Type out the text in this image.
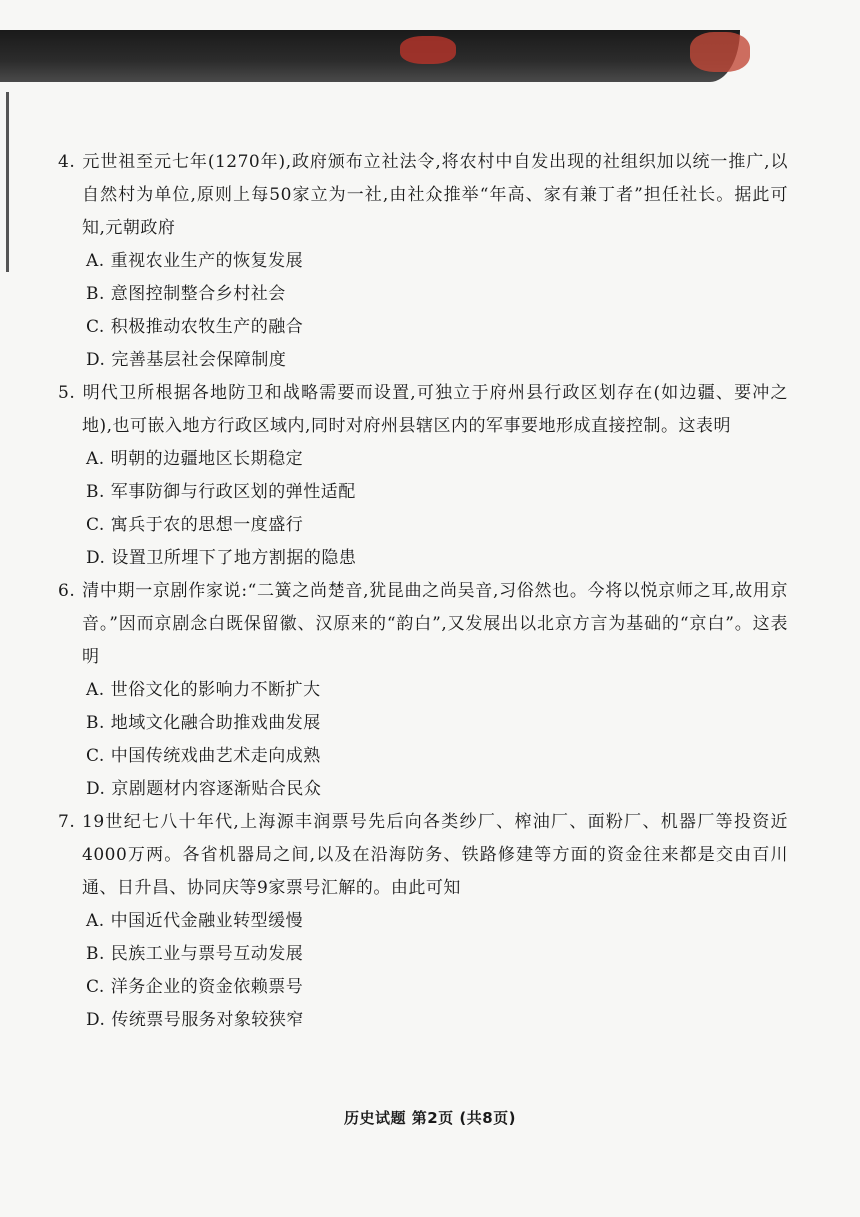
4. 元世祖至元七年(1270年),政府颁布立社法令,将农村中自发出现的社组织加以统一推广,以自然村为单位,原则上每50家立为一社,由社众推举“年高、家有兼丁者”担任社长。据此可知,元朝政府

A. 重视农业生产的恢复发展
B. 意图控制整合乡村社会
C. 积极推动农牧生产的融合
D. 完善基层社会保障制度

5. 明代卫所根据各地防卫和战略需要而设置,可独立于府州县行政区划存在(如边疆、要冲之地),也可嵌入地方行政区域内,同时对府州县辖区内的军事要地形成直接控制。这表明

A. 明朝的边疆地区长期稳定
B. 军事防御与行政区划的弹性适配
C. 寓兵于农的思想一度盛行
D. 设置卫所埋下了地方割据的隐患

6. 清中期一京剧作家说:“二簧之尚楚音,犹昆曲之尚吴音,习俗然也。今将以悦京师之耳,故用京音。”因而京剧念白既保留徽、汉原来的“韵白”,又发展出以北京方言为基础的“京白”。这表明

A. 世俗文化的影响力不断扩大
B. 地域文化融合助推戏曲发展
C. 中国传统戏曲艺术走向成熟
D. 京剧题材内容逐渐贴合民众

7. 19世纪七八十年代,上海源丰润票号先后向各类纱厂、榨油厂、面粉厂、机器厂等投资近4000万两。各省机器局之间,以及在沿海防务、铁路修建等方面的资金往来都是交由百川通、日升昌、协同庆等9家票号汇解的。由此可知

A. 中国近代金融业转型缓慢
B. 民族工业与票号互动发展
C. 洋务企业的资金依赖票号
D. 传统票号服务对象较狭窄
历史试题 第2页 (共8页)
